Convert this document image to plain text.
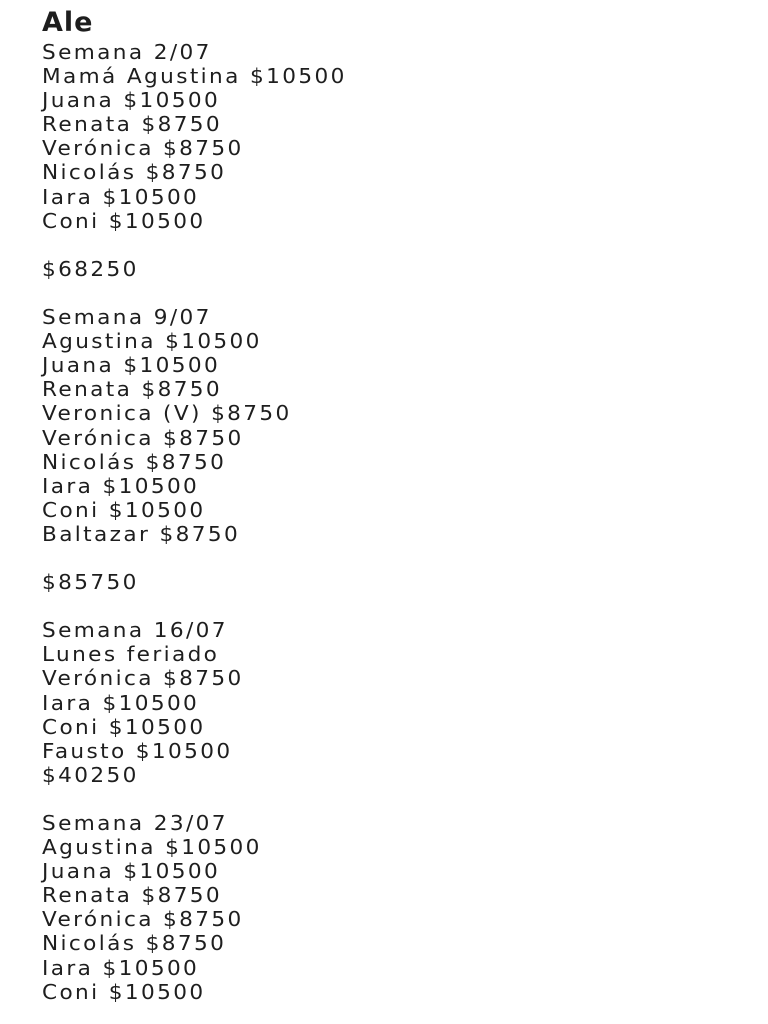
Ale
Semana 2/07
Mamá Agustina $10500
Juana $10500
Renata $8750
Verónica $8750
Nicolás $8750
Iara $10500
Coni $10500
$68250
Semana 9/07
Agustina $10500
Juana $10500
Renata $8750
Veronica (V) $8750
Verónica $8750
Nicolás $8750
Iara $10500
Coni $10500
Baltazar $8750
$85750
Semana 16/07
Lunes feriado
Verónica $8750
Iara $10500
Coni $10500
Fausto $10500
$40250
Semana 23/07
Agustina $10500
Juana $10500
Renata $8750
Verónica $8750
Nicolás $8750
Iara $10500
Coni $10500
